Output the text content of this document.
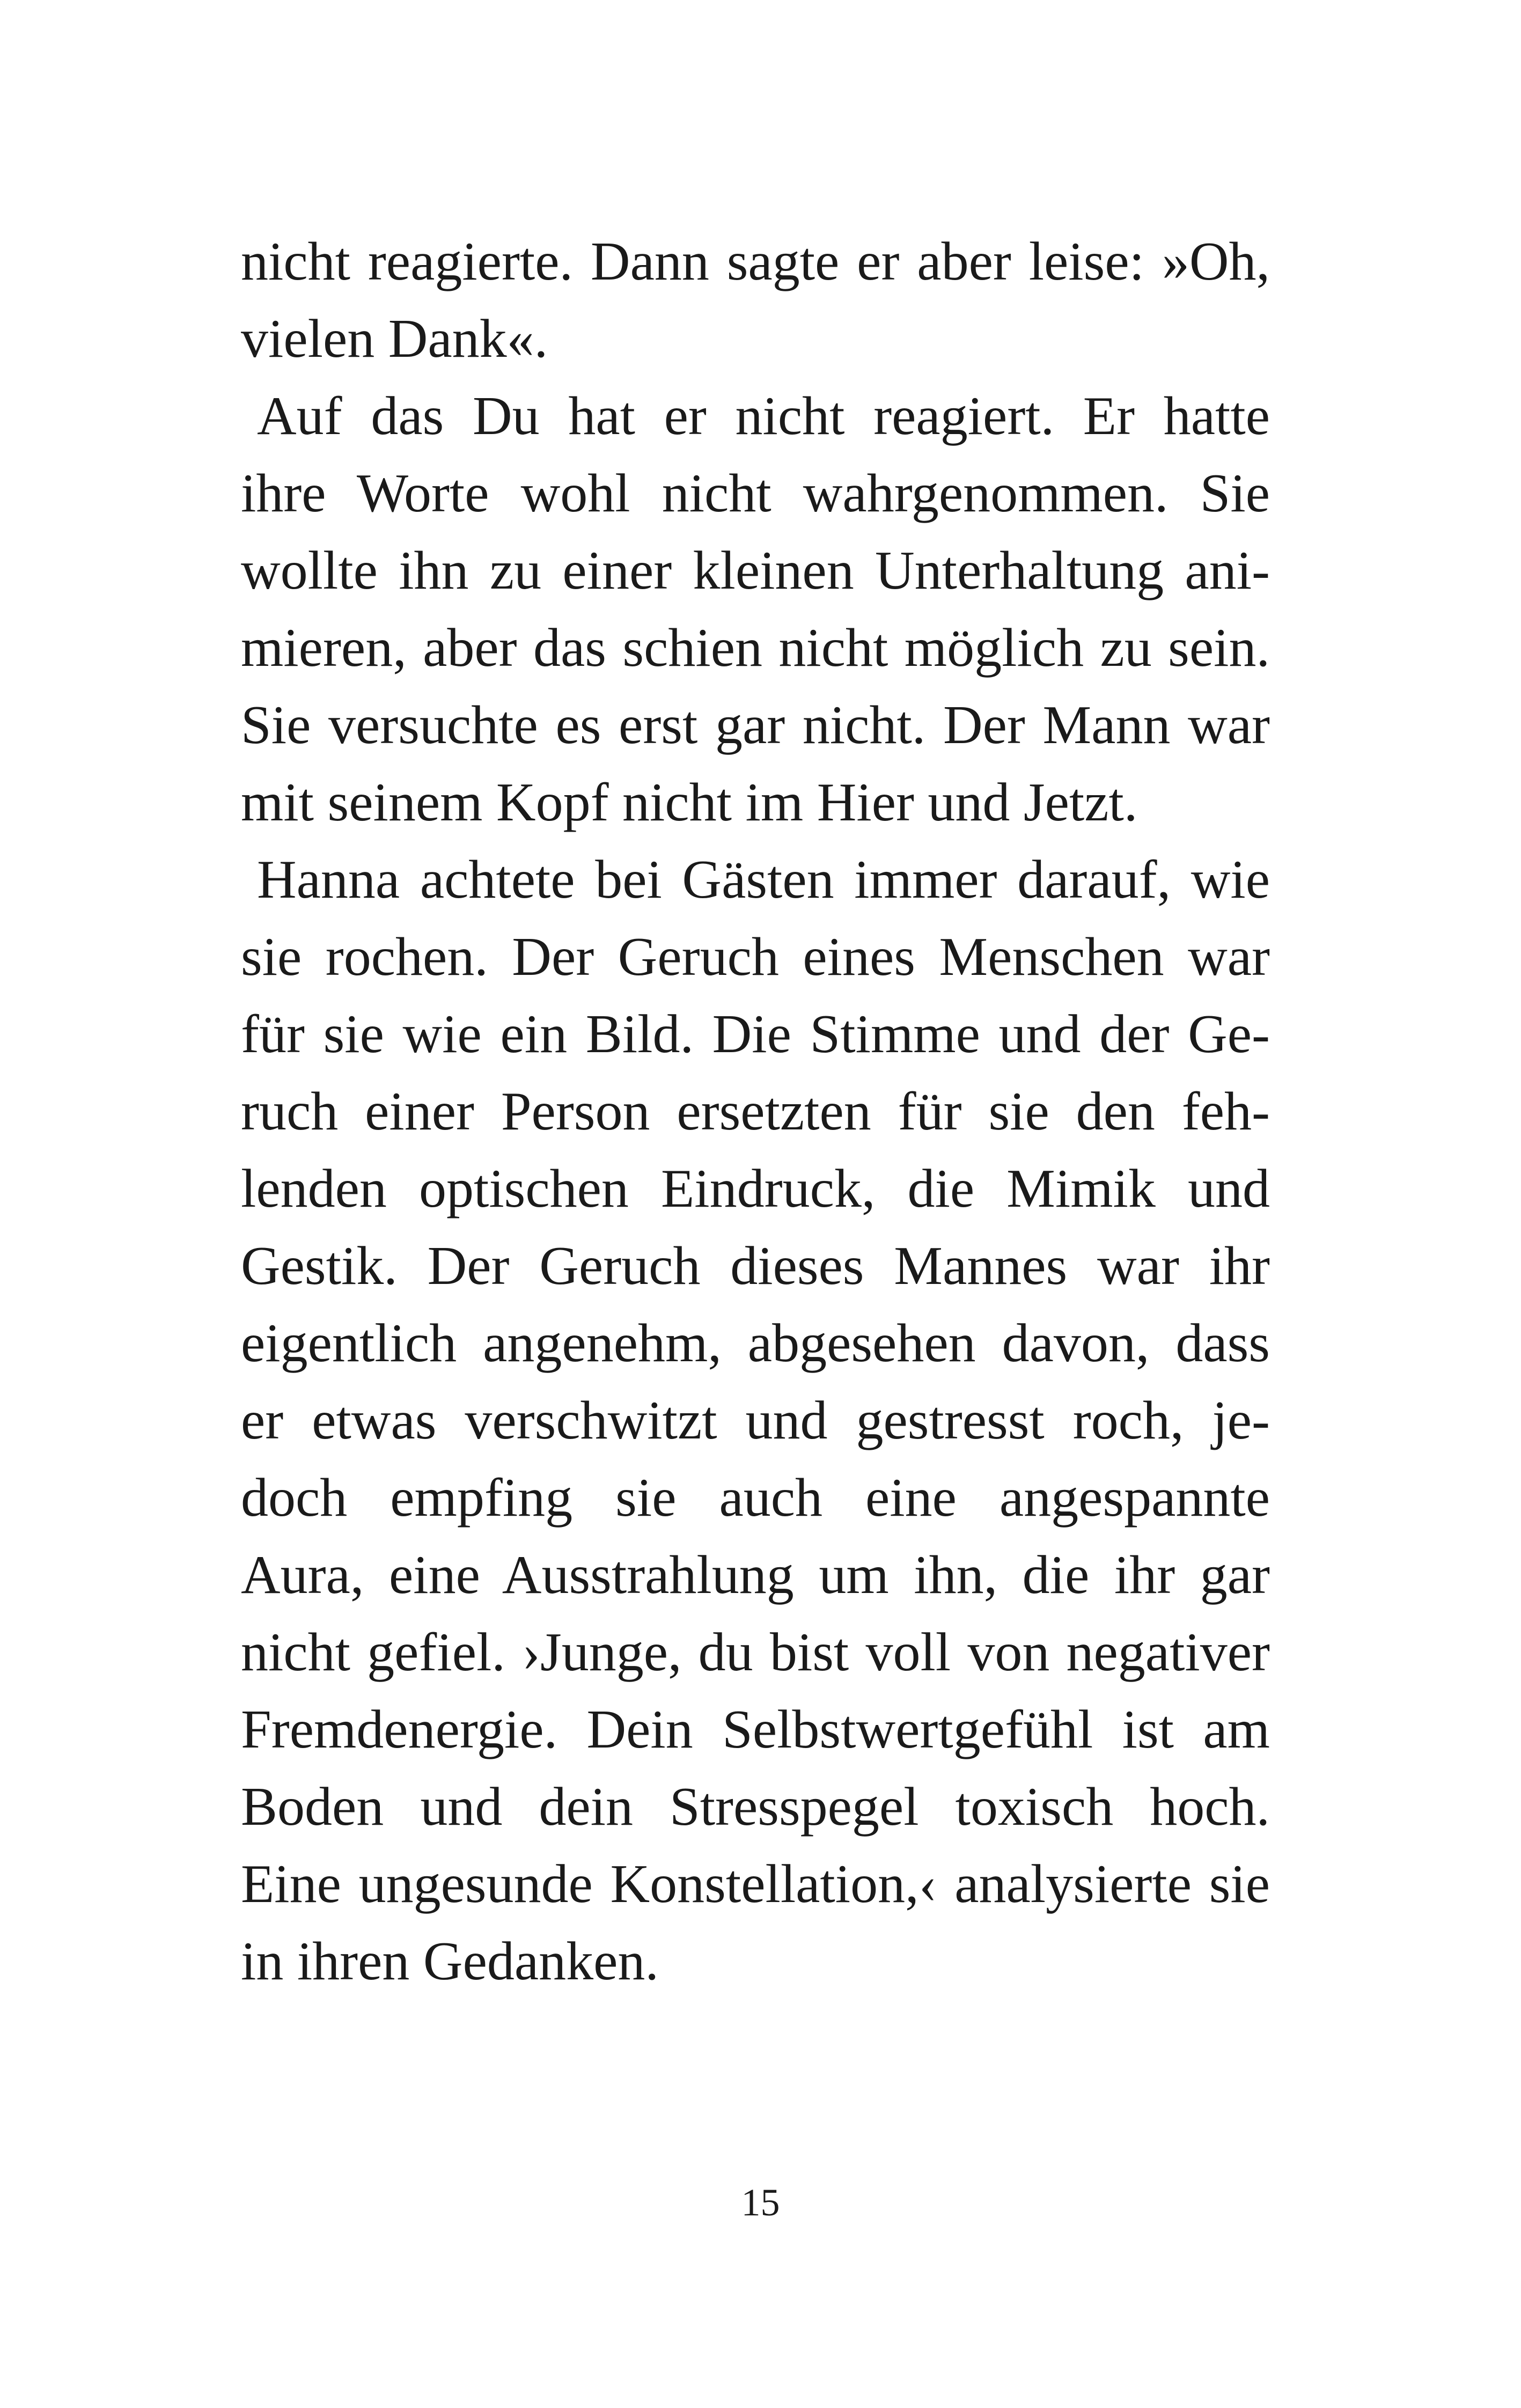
nicht reagierte. Dann sagte er aber leise: »Oh,
vielen Dank«.
Auf das Du hat er nicht reagiert. Er hatte
ihre Worte wohl nicht wahrgenommen. Sie
wollte ihn zu einer kleinen Unterhaltung ani-
mieren, aber das schien nicht möglich zu sein.
Sie versuchte es erst gar nicht. Der Mann war
mit seinem Kopf nicht im Hier und Jetzt.
Hanna achtete bei Gästen immer darauf, wie
sie rochen. Der Geruch eines Menschen war
für sie wie ein Bild. Die Stimme und der Ge-
ruch einer Person ersetzten für sie den feh-
lenden optischen Eindruck, die Mimik und
Gestik. Der Geruch dieses Mannes war ihr
eigentlich angenehm, abgesehen davon, dass
er etwas verschwitzt und gestresst roch, je-
doch empfing sie auch eine angespannte
Aura, eine Ausstrahlung um ihn, die ihr gar
nicht gefiel. ›Junge, du bist voll von negativer
Fremdenergie. Dein Selbstwertgefühl ist am
Boden und dein Stresspegel toxisch hoch.
Eine ungesunde Konstellation,‹ analysierte sie
in ihren Gedanken.
15
